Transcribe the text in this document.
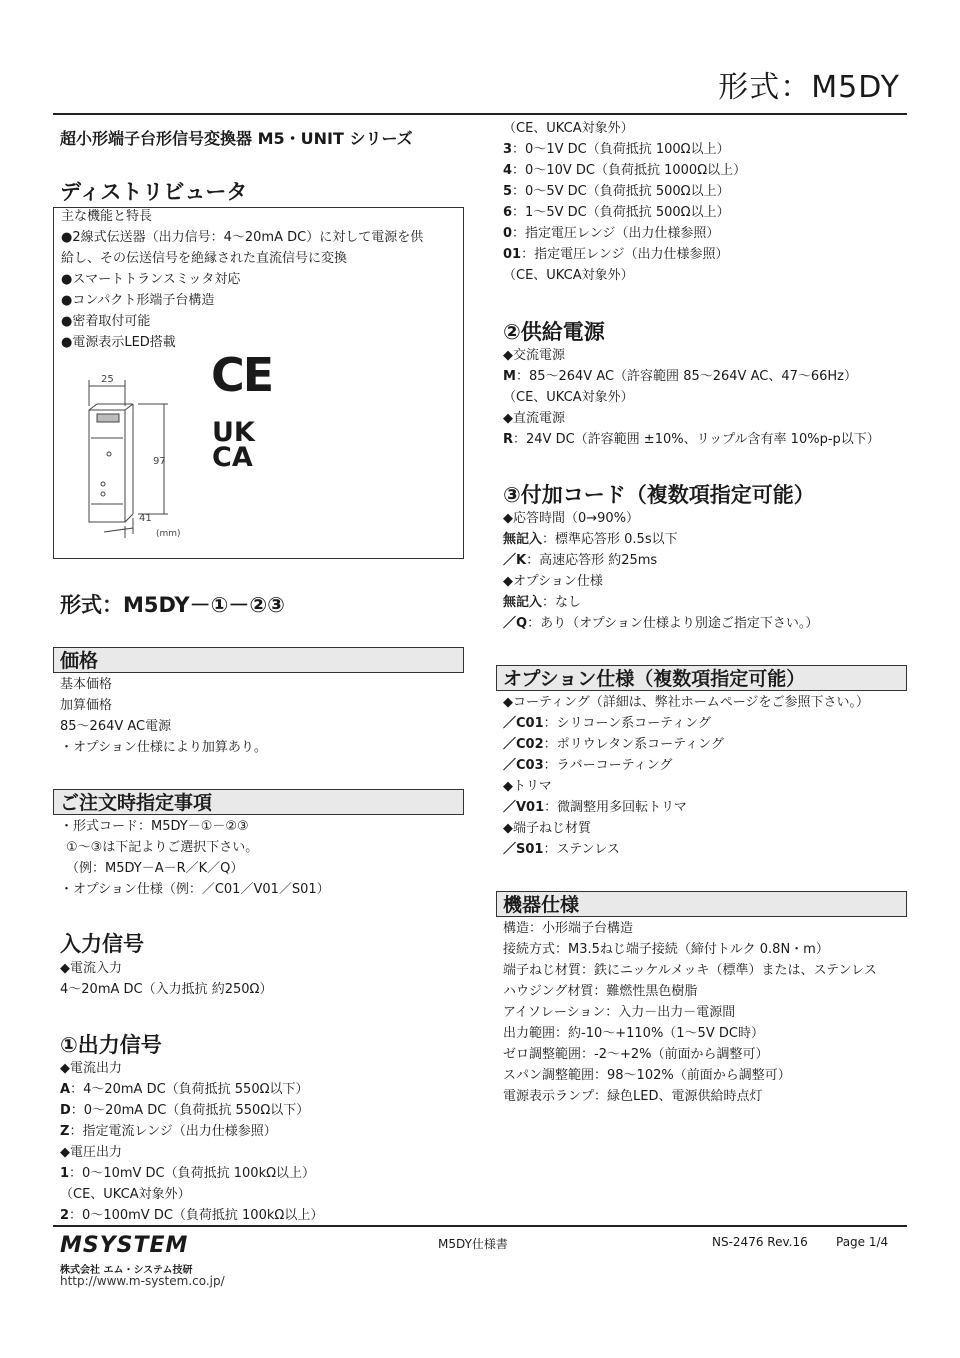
形式：M5DY
超小形端子台形信号変換器 M5・UNIT シリーズ
ディストリビュータ
主な機能と特長
●2線式伝送器（出力信号：4～20mA DC）に対して電源を供
給し、その伝送信号を絶縁された直流信号に変換
●スマートトランスミッタ対応
●コンパクト形端子台構造
●密着取付可能
●電源表示LED搭載
25
97
41
(mm)
CE
UK
CA
形式：M5DY－①－②③
価格
基本価格
加算価格
85～264V AC電源
・オプション仕様により加算あり。
ご注文時指定事項
・形式コード：M5DY－①－②③
①～③は下記よりご選択下さい。
（例：M5DY－A－R／K／Q）
・オプション仕様（例：／C01／V01／S01）
入力信号
◆電流入力
4～20mA DC（入力抵抗 約250Ω）
①出力信号
◆電流出力
A：4～20mA DC（負荷抵抗 550Ω以下）
D：0～20mA DC（負荷抵抗 550Ω以下）
Z：指定電流レンジ（出力仕様参照）
◆電圧出力
1：0～10mV DC（負荷抵抗 100kΩ以上）
（CE、UKCA対象外）
2：0～100mV DC（負荷抵抗 100kΩ以上）
（CE、UKCA対象外）
3：0～1V DC（負荷抵抗 100Ω以上）
4：0～10V DC（負荷抵抗 1000Ω以上）
5：0～5V DC（負荷抵抗 500Ω以上）
6：1～5V DC（負荷抵抗 500Ω以上）
0：指定電圧レンジ（出力仕様参照）
01：指定電圧レンジ（出力仕様参照）
（CE、UKCA対象外）
②供給電源
◆交流電源
M：85～264V AC（許容範囲 85～264V AC、47～66Hz）
（CE、UKCA対象外）
◆直流電源
R：24V DC（許容範囲 ±10%、リップル含有率 10%p-p以下）
③付加コード（複数項指定可能）
◆応答時間（0→90%）
無記入：標準応答形 0.5s以下
／K：高速応答形 約25ms
◆オプション仕様
無記入：なし
／Q：あり（オプション仕様より別途ご指定下さい。）
オプション仕様（複数項指定可能）
◆コーティング（詳細は、弊社ホームページをご参照下さい。）
／C01：シリコーン系コーティング
／C02：ポリウレタン系コーティング
／C03：ラバーコーティング
◆トリマ
／V01：微調整用多回転トリマ
◆端子ねじ材質
／S01：ステンレス
機器仕様
構造：小形端子台構造
接続方式：M3.5ねじ端子接続（締付トルク 0.8N・m）
端子ねじ材質：鉄にニッケルメッキ（標準）または、ステンレス
ハウジング材質：難燃性黒色樹脂
アイソレーション：入力－出力－電源間
出力範囲：約-10～+110%（1～5V DC時）
ゼロ調整範囲：-2～+2%（前面から調整可）
スパン調整範囲：98～102%（前面から調整可）
電源表示ランプ：緑色LED、電源供給時点灯
MSYSTEM
株式会社 エム・システム技研
http://www.m-system.co.jp/
M5DY仕様書	NS-2476 Rev.16 Page 1/4
